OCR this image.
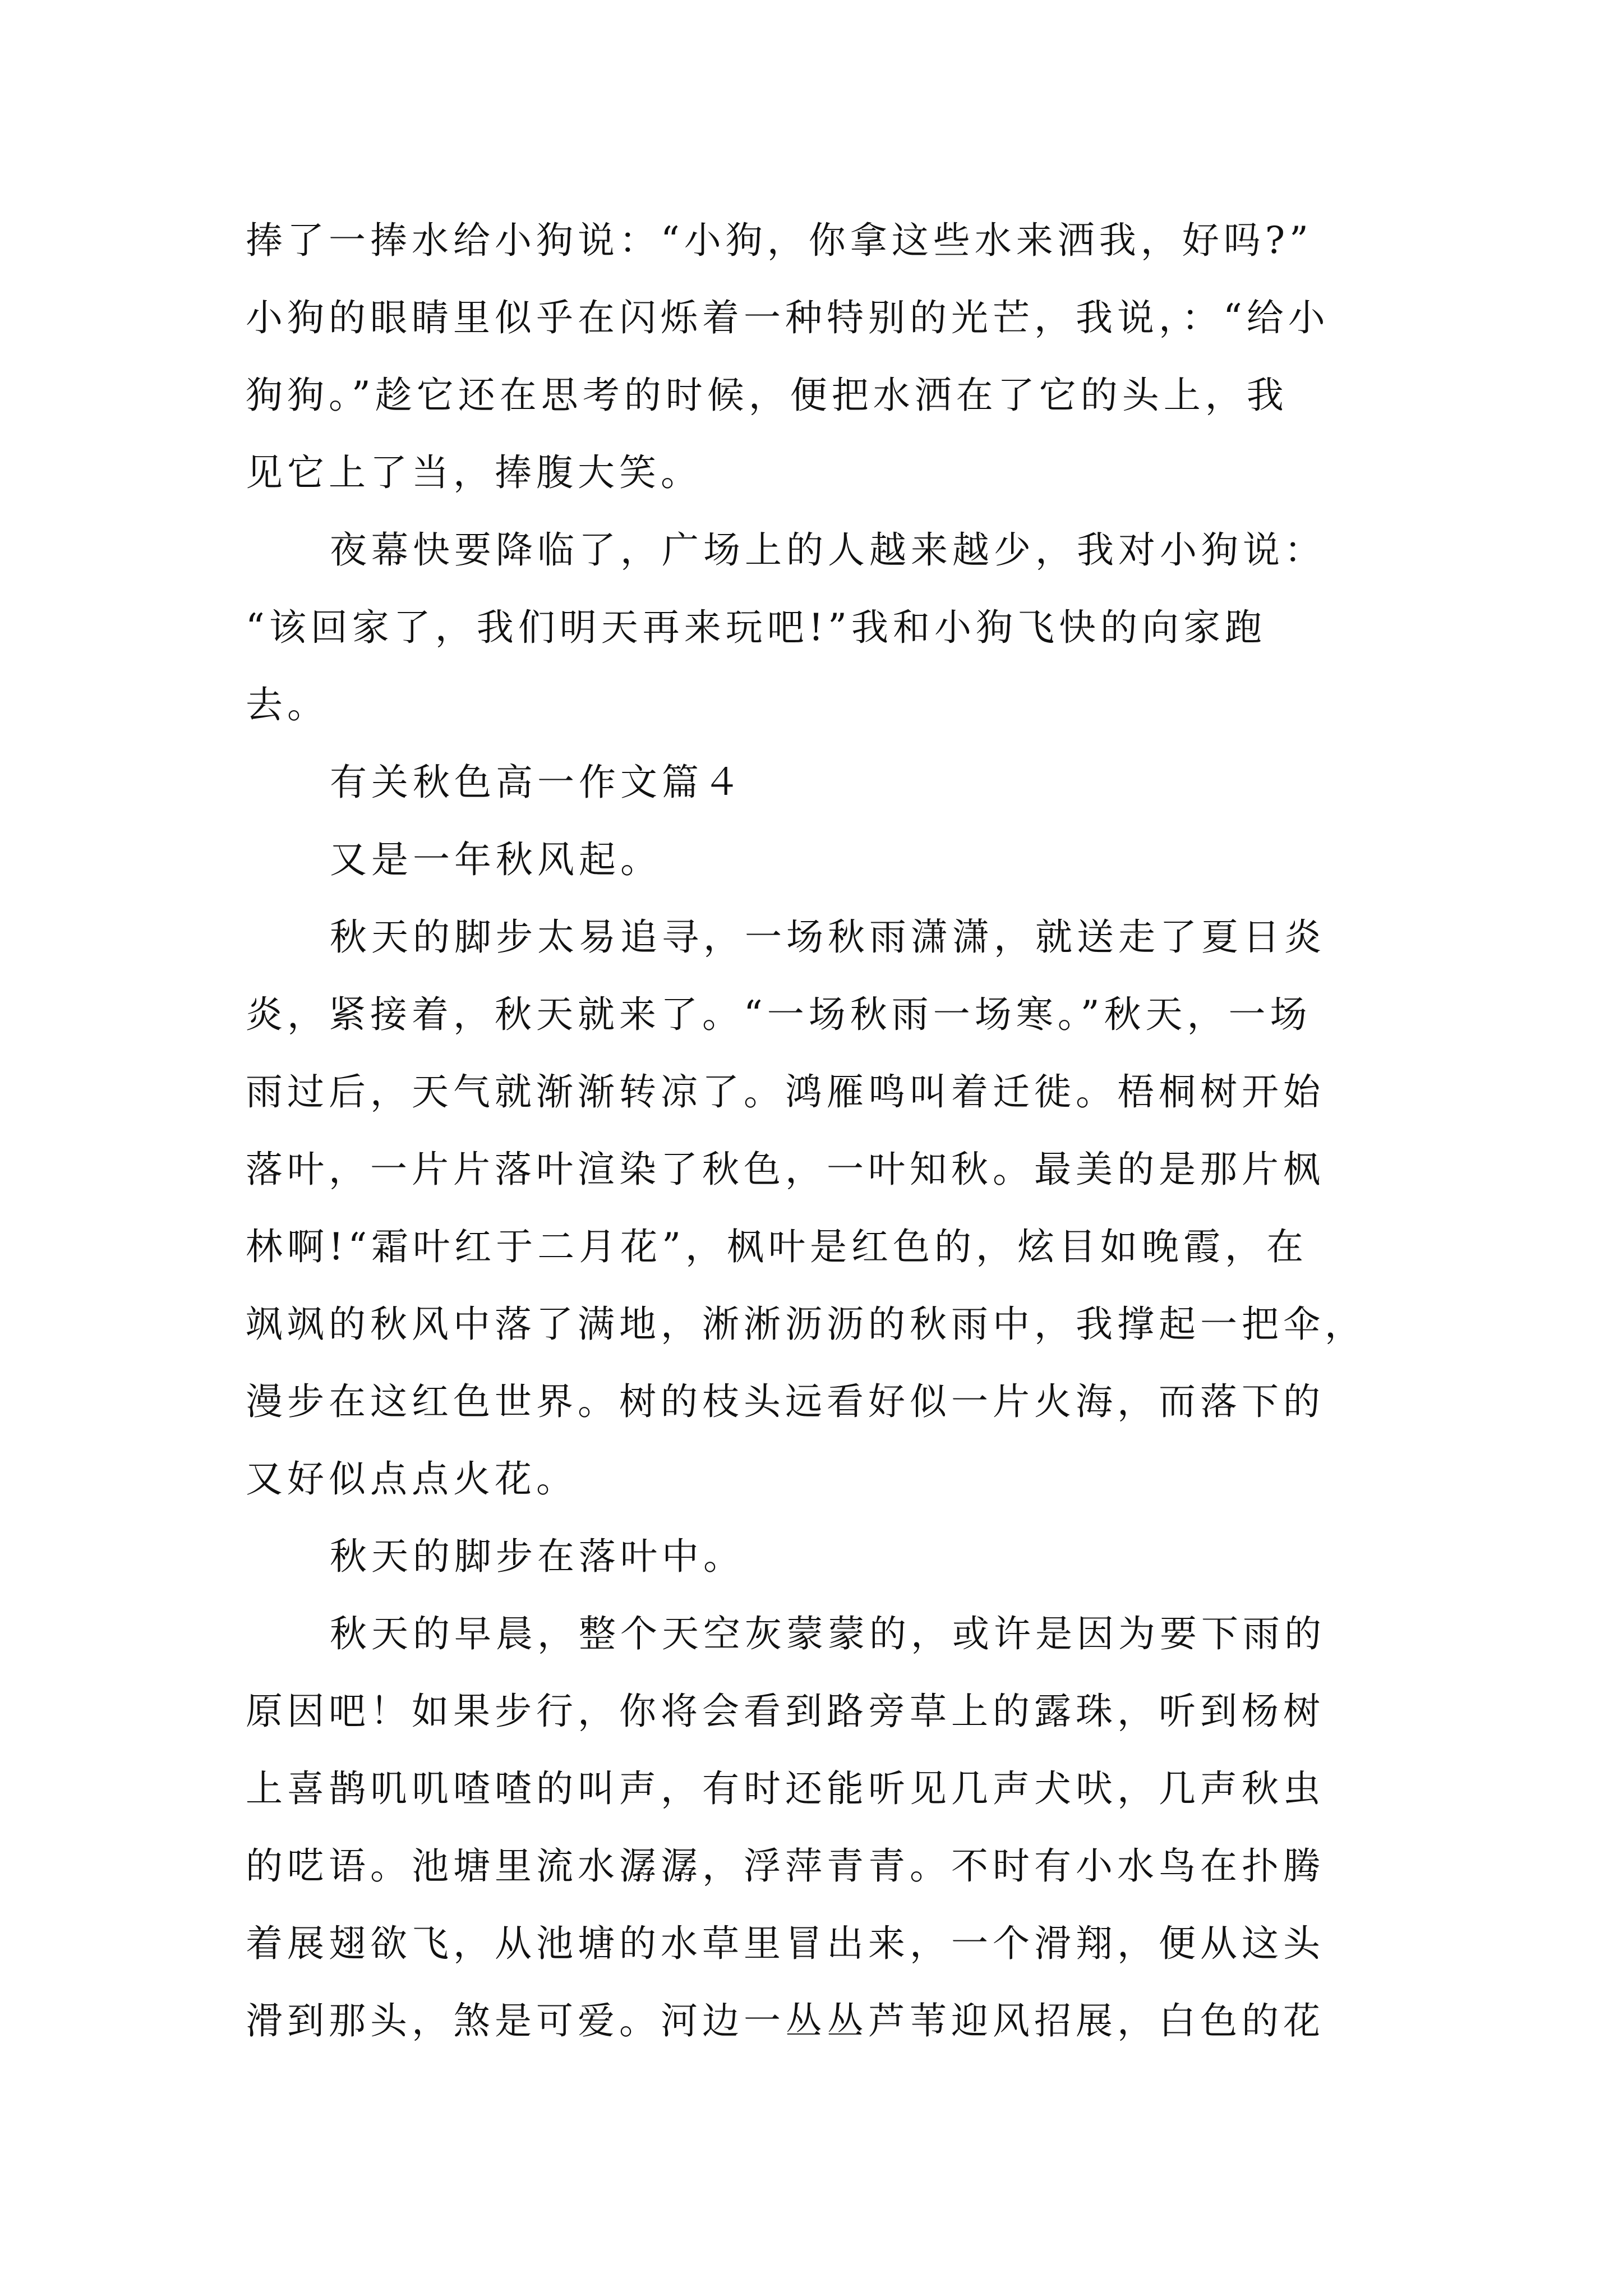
捧了一捧水给小狗说：“小狗，你拿这些水来洒我，好吗?”
小狗的眼睛里似乎在闪烁着一种特别的光芒，我说，：“给小
狗狗。”趁它还在思考的时候，便把水洒在了它的头上，我
见它上了当，捧腹大笑。
夜幕快要降临了，广场上的人越来越少，我对小狗说：
“该回家了，我们明天再来玩吧!”我和小狗飞快的向家跑
去。
有关秋色高一作文篇４
又是一年秋风起。
秋天的脚步太易追寻，一场秋雨潇潇，就送走了夏日炎
炎，紧接着，秋天就来了。“一场秋雨一场寒。”秋天，一场
雨过后，天气就渐渐转凉了。鸿雁鸣叫着迁徙。梧桐树开始
落叶，一片片落叶渲染了秋色，一叶知秋。最美的是那片枫
林啊!“霜叶红于二月花”，枫叶是红色的，炫目如晚霞，在
飒飒的秋风中落了满地，淅淅沥沥的秋雨中，我撑起一把伞，
漫步在这红色世界。树的枝头远看好似一片火海，而落下的
又好似点点火花。
秋天的脚步在落叶中。
秋天的早晨，整个天空灰蒙蒙的，或许是因为要下雨的
原因吧！如果步行，你将会看到路旁草上的露珠，听到杨树
上喜鹊叽叽喳喳的叫声，有时还能听见几声犬吠，几声秋虫
的呓语。池塘里流水潺潺，浮萍青青。不时有小水鸟在扑腾
着展翅欲飞，从池塘的水草里冒出来，一个滑翔，便从这头
滑到那头，煞是可爱。河边一丛丛芦苇迎风招展，白色的花
